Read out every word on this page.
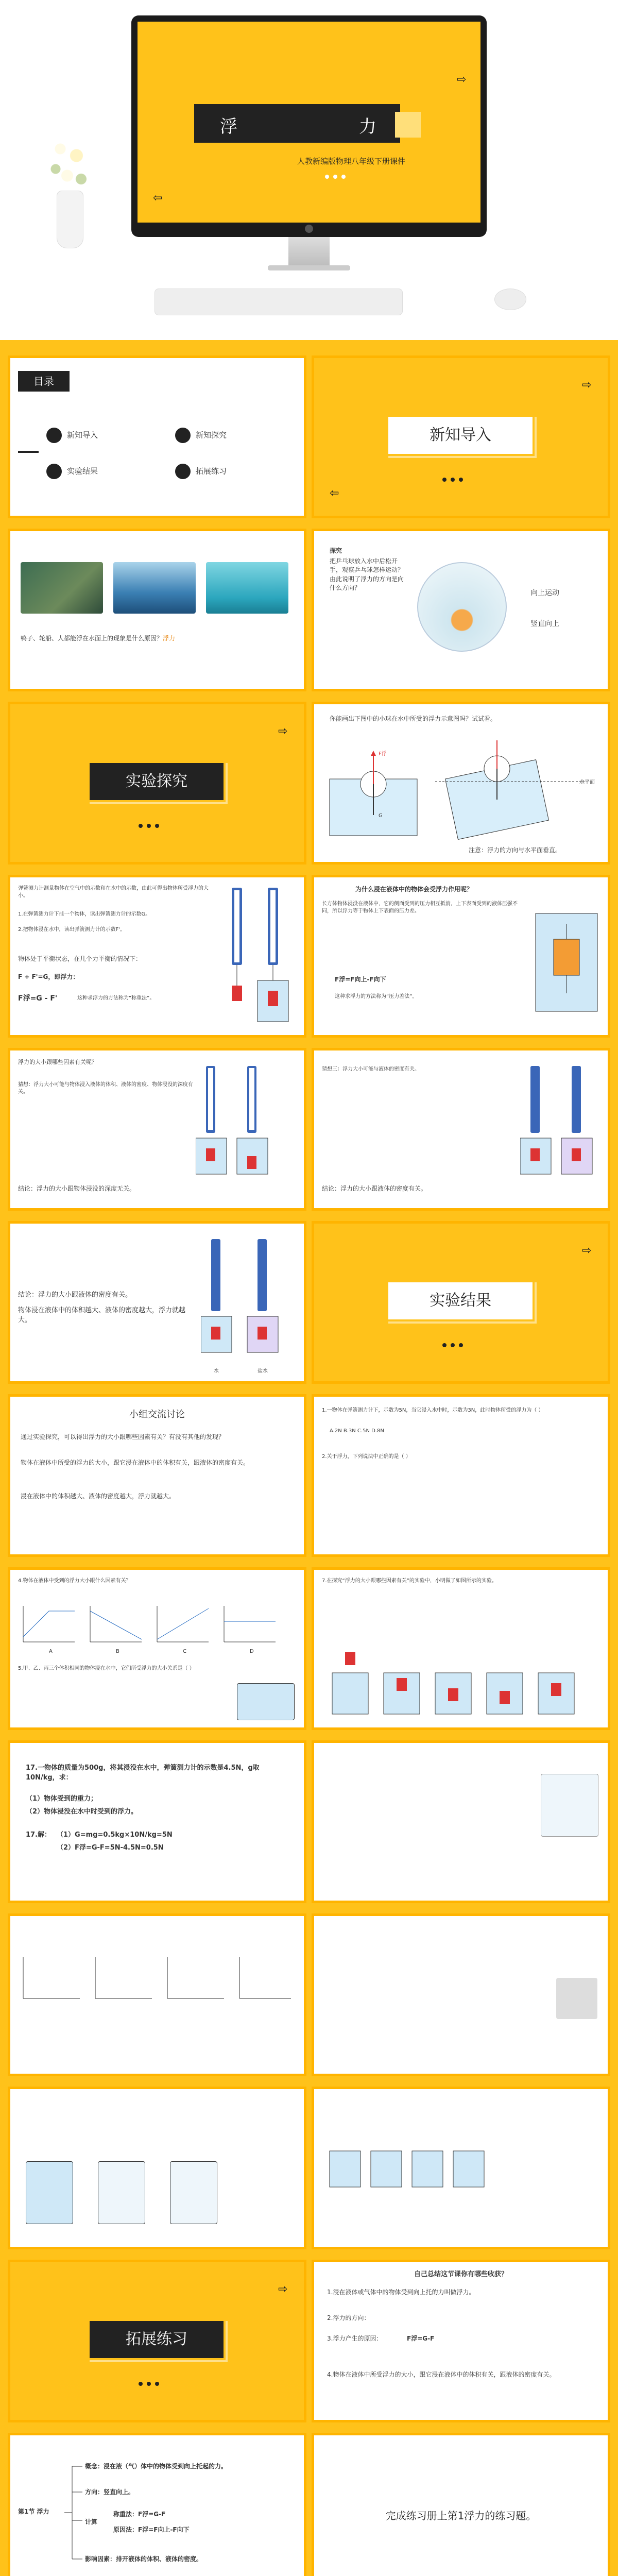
浮	力
人教新编版物理八年级下册课件
⇨
⇦
目录
新知导入	新知探究
实验结果	拓展练习
新知导入
⇨
⇦
鸭子、轮船、人都能浮在水面上的现象是什么原因？浮力
探究
把乒乓球放入水中后松开手，观察乒乓球怎样运动？由此说明了浮力的方向是向什么方向？
向上运动
竖直向上
实验探究
⇨
你能画出下图中的小球在水中所受的浮力示意图吗？试试看。
F浮
G
水平面
注意：浮力的方向与水平面垂直。
弹簧测力计测量物体在空气中的示数和在水中的示数，由此可得出物体所受浮力的大小。
1.在弹簧测力计下挂一个物体，读出弹簧测力计的示数G。
2.把物体浸在水中，读出弹簧测力计的示数F'。
物体处于平衡状态，在几个力平衡的情况下：
F + F'=G，即浮力：
F浮=G - F'	这种求浮力的方法称为“称重法”。
为什么浸在液体中的物体会受浮力作用呢？
长方体物体浸没在液体中，它的侧面受到的压力相互抵消，上下表面受到的液体压强不同，所以浮力等于物体上下表面的压力差。
F浮=F向上-F向下
这种求浮力的方法称为“压力差法”。
浮力的大小跟哪些因素有关呢？
猜想：浮力大小可能与物体浸入液体的体积、液体的密度、物体浸没的深度有关。
结论：浮力的大小跟物体浸没的深度无关。
猜想三：浮力大小可能与液体的密度有关。
结论：浮力的大小跟液体的密度有关。
结论：浮力的大小跟液体的密度有关。
物体浸在液体中的体积越大、液体的密度越大，浮力就越大。
水	盐水
实验结果
⇨
小组交流讨论
通过实验探究，可以得出浮力的大小跟哪些因素有关？有没有其他的发现？
物体在液体中所受的浮力的大小，跟它浸在液体中的体积有关，跟液体的密度有关。
浸在液体中的体积越大、液体的密度越大，浮力就越大。
1.一物体在弹簧测力计下，示数为5N，当它浸入水中时，示数为3N，此时物体所受的浮力为（ ）
A.2N B.3N C.5N D.8N
2.关于浮力，下列说法中正确的是（ ）
4.物体在液体中受到的浮力大小跟什么因素有关？
A	B	C	D
5.甲、乙、丙三个体积相同的物体浸在水中，它们所受浮力的大小关系是（ ）
7.在探究“浮力的大小跟哪些因素有关”的实验中，小明做了如图所示的实验。
17.一物体的质量为500g，将其浸没在水中，弹簧测力计的示数是4.5N，g取10N/kg，求：
（1）物体受到的重力；
（2）物体浸没在水中时受到的浮力。
17.解： （1）G=mg=0.5kg×10N/kg=5N
（2）F浮=G-F=5N-4.5N=0.5N
拓展练习
⇨
自己总结这节课你有哪些收获？
1.浸在液体或气体中的物体受到向上托的力叫做浮力。
2.浮力的方向：
3.浮力产生的原因：	F浮=G-F
4.物体在液体中所受浮力的大小，跟它浸在液体中的体积有关，跟液体的密度有关。
第1节 浮力
概念：浸在液（气）体中的物体受到向上托起的力。
方向：竖直向上。
计算
称重法：F浮=G-F
原因法：F浮=F向上-F向下
影响因素：排开液体的体积、液体的密度。
完成练习册上第1浮力的练习题。
